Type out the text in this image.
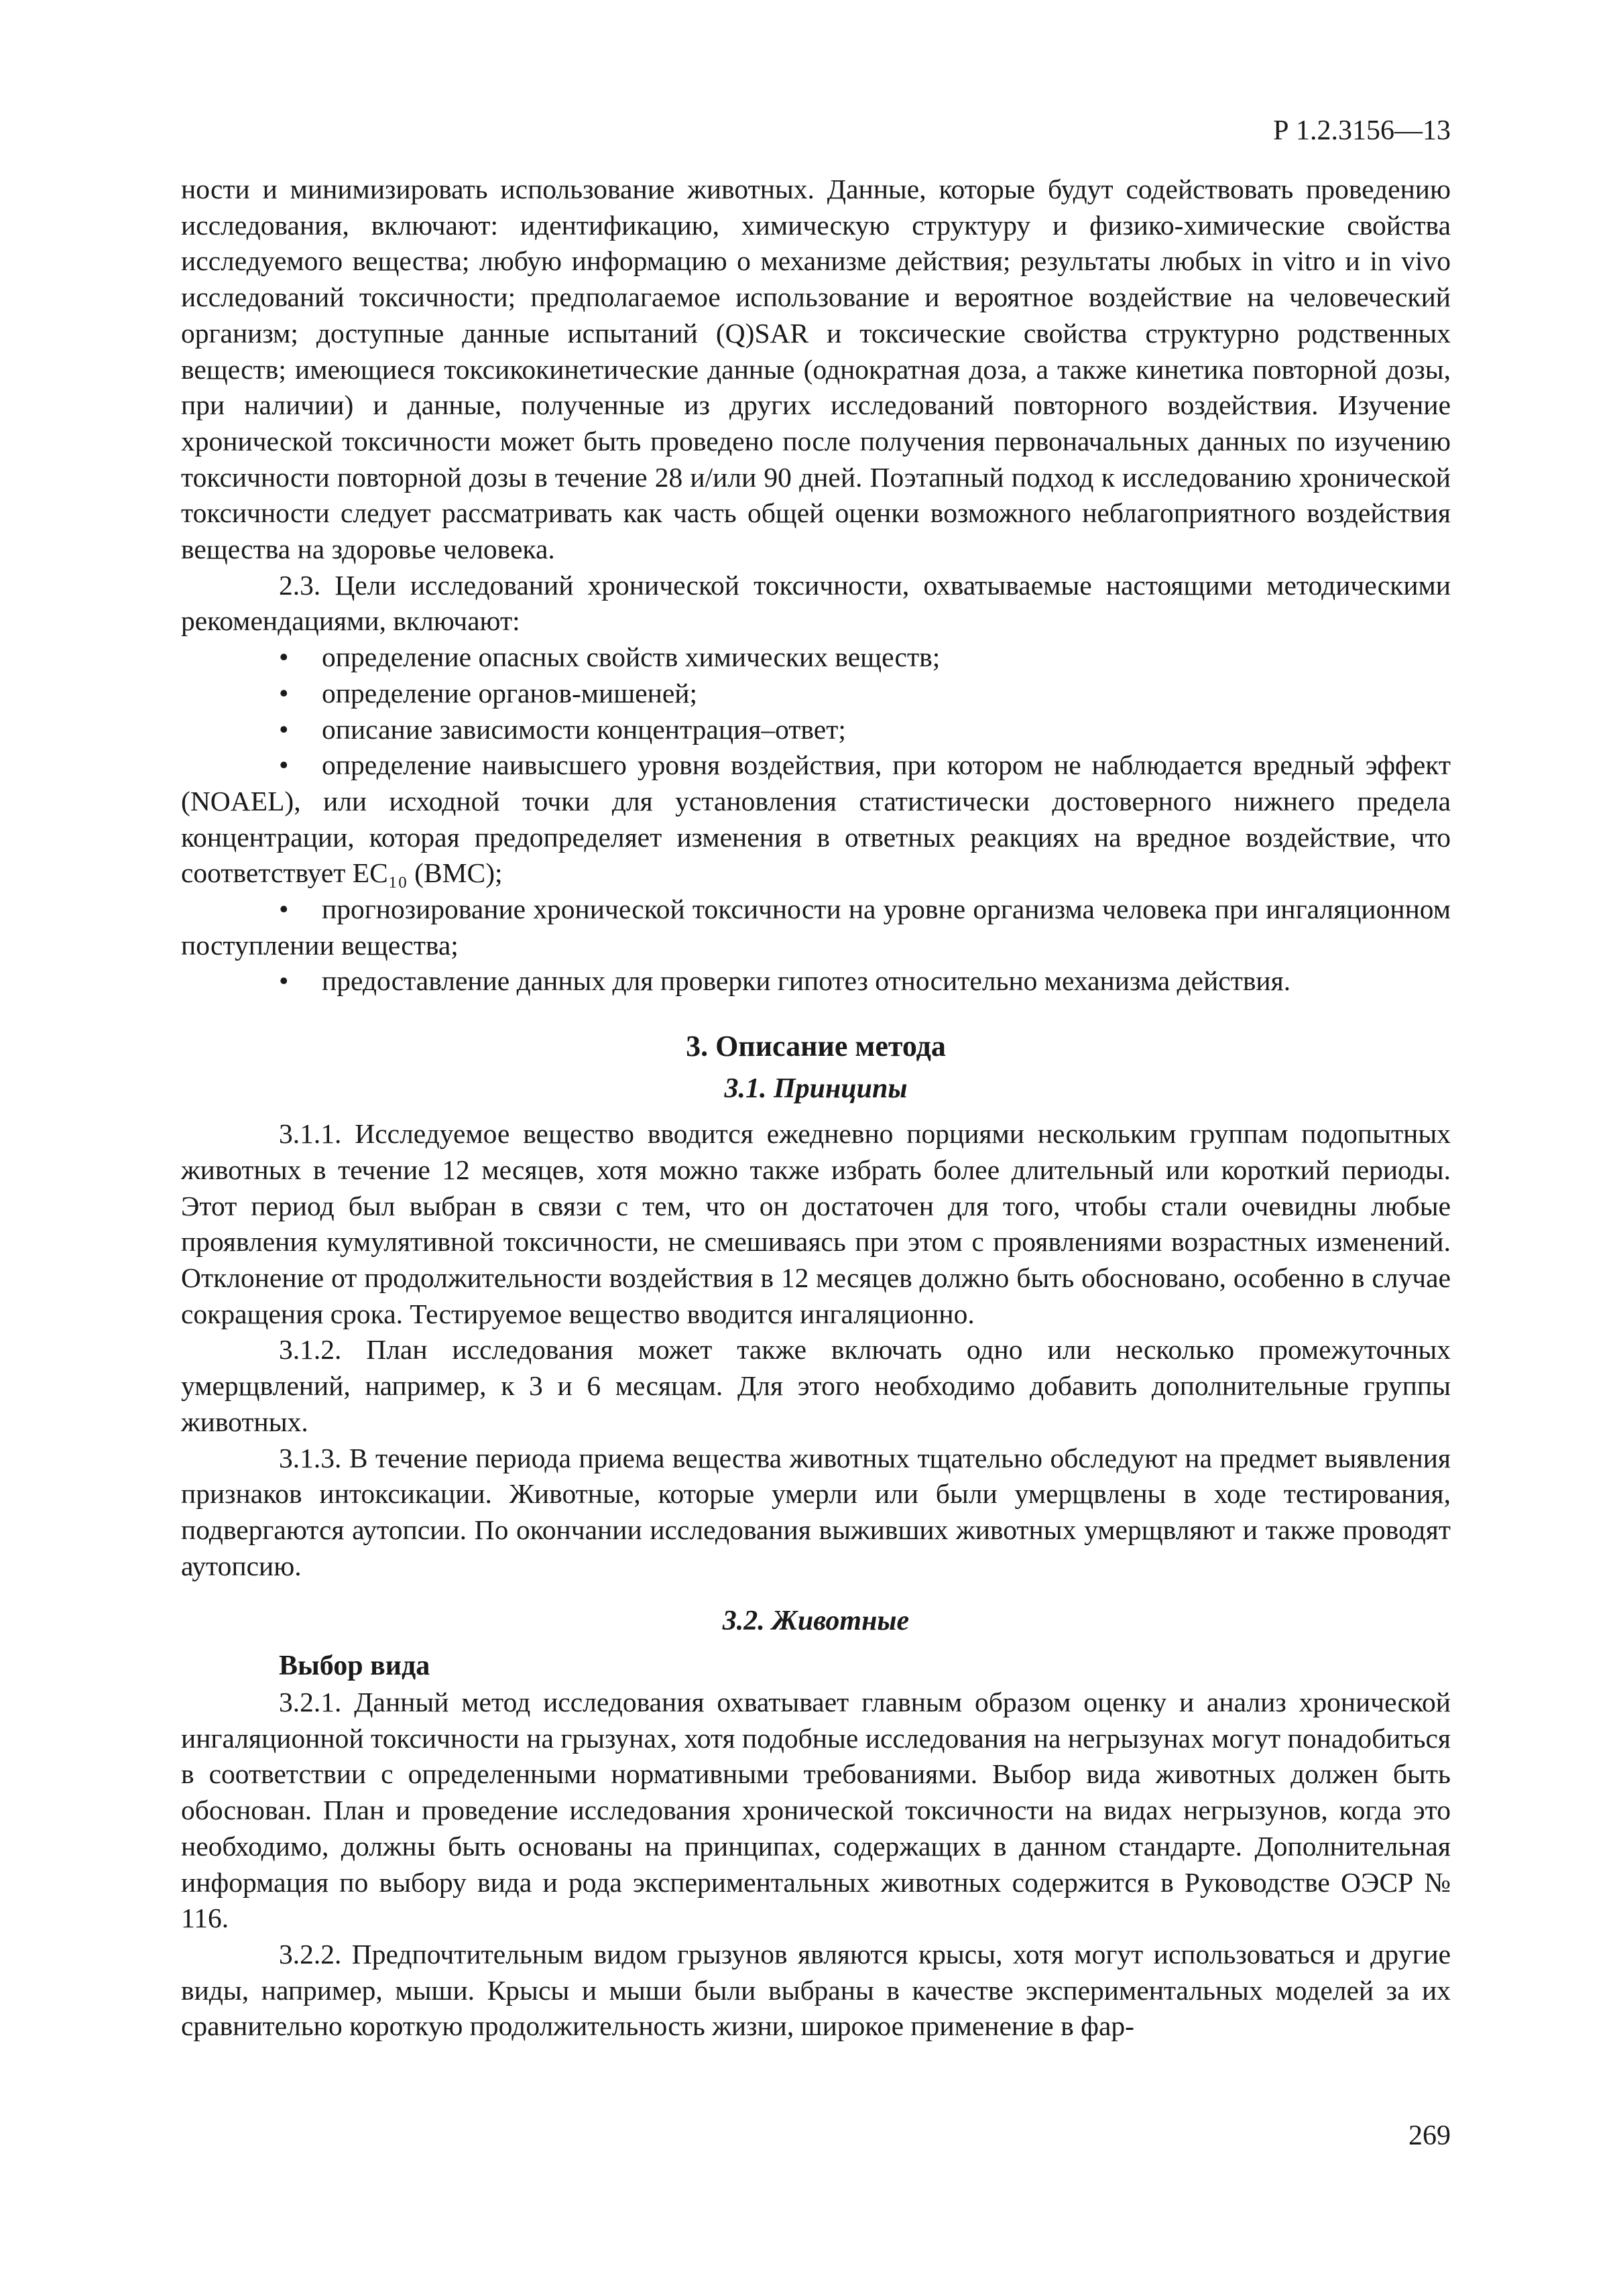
Р 1.2.3156—13

ности и минимизировать использование животных. Данные, которые будут содействовать проведению исследования, включают: идентификацию, химическую структуру и физико-химические свойства исследуемого вещества; любую информацию о механизме действия; результаты любых in vitro и in vivo исследований токсичности; предполагаемое использование и вероятное воздействие на человеческий организм; доступные данные испытаний (Q)SAR и токсические свойства структурно родственных веществ; имеющиеся токсикокинетические данные (однократная доза, а также кинетика повторной дозы, при наличии) и данные, полученные из других исследований повторного воздействия. Изучение хронической токсичности может быть проведено после получения первоначальных данных по изучению токсичности повторной дозы в течение 28 и/или 90 дней. Поэтапный подход к исследованию хронической токсичности следует рассматривать как часть общей оценки возможного неблагоприятного воздействия вещества на здоровье человека.

2.3. Цели исследований хронической токсичности, охватываемые настоящими методическими рекомендациями, включают:

• определение опасных свойств химических веществ;
• определение органов-мишеней;
• описание зависимости концентрация–ответ;
• определение наивысшего уровня воздействия, при котором не наблюдается вредный эффект (NOAEL), или исходной точки для установления статистически достоверного нижнего предела концентрации, которая предопределяет изменения в ответных реакциях на вредное воздействие, что соответствует EC₁₀ (BMC);
• прогнозирование хронической токсичности на уровне организма человека при ингаляционном поступлении вещества;
• предоставление данных для проверки гипотез относительно механизма действия.
3. Описание метода
3.1. Принципы

3.1.1. Исследуемое вещество вводится ежедневно порциями нескольким группам подопытных животных в течение 12 месяцев, хотя можно также избрать более длительный или короткий периоды. Этот период был выбран в связи с тем, что он достаточен для того, чтобы стали очевидны любые проявления кумулятивной токсичности, не смешиваясь при этом с проявлениями возрастных изменений. Отклонение от продолжительности воздействия в 12 месяцев должно быть обосновано, особенно в случае сокращения срока. Тестируемое вещество вводится ингаляционно.

3.1.2. План исследования может также включать одно или несколько промежуточных умерщвлений, например, к 3 и 6 месяцам. Для этого необходимо добавить дополнительные группы животных.

3.1.3. В течение периода приема вещества животных тщательно обследуют на предмет выявления признаков интоксикации. Животные, которые умерли или были умерщвлены в ходе тестирования, подвергаются аутопсии. По окончании исследования выживших животных умерщвляют и также проводят аутопсию.

3.2. Животные
Выбор вида

3.2.1. Данный метод исследования охватывает главным образом оценку и анализ хронической ингаляционной токсичности на грызунах, хотя подобные исследования на негрызунах могут понадобиться в соответствии с определенными нормативными требованиями. Выбор вида животных должен быть обоснован. План и проведение исследования хронической токсичности на видах негрызунов, когда это необходимо, должны быть основаны на принципах, содержащих в данном стандарте. Дополнительная информация по выбору вида и рода экспериментальных животных содержится в Руководстве ОЭСР № 116.

3.2.2. Предпочтительным видом грызунов являются крысы, хотя могут использоваться и другие виды, например, мыши. Крысы и мыши были выбраны в качестве экспериментальных моделей за их сравнительно короткую продолжительность жизни, широкое применение в фар-

269
